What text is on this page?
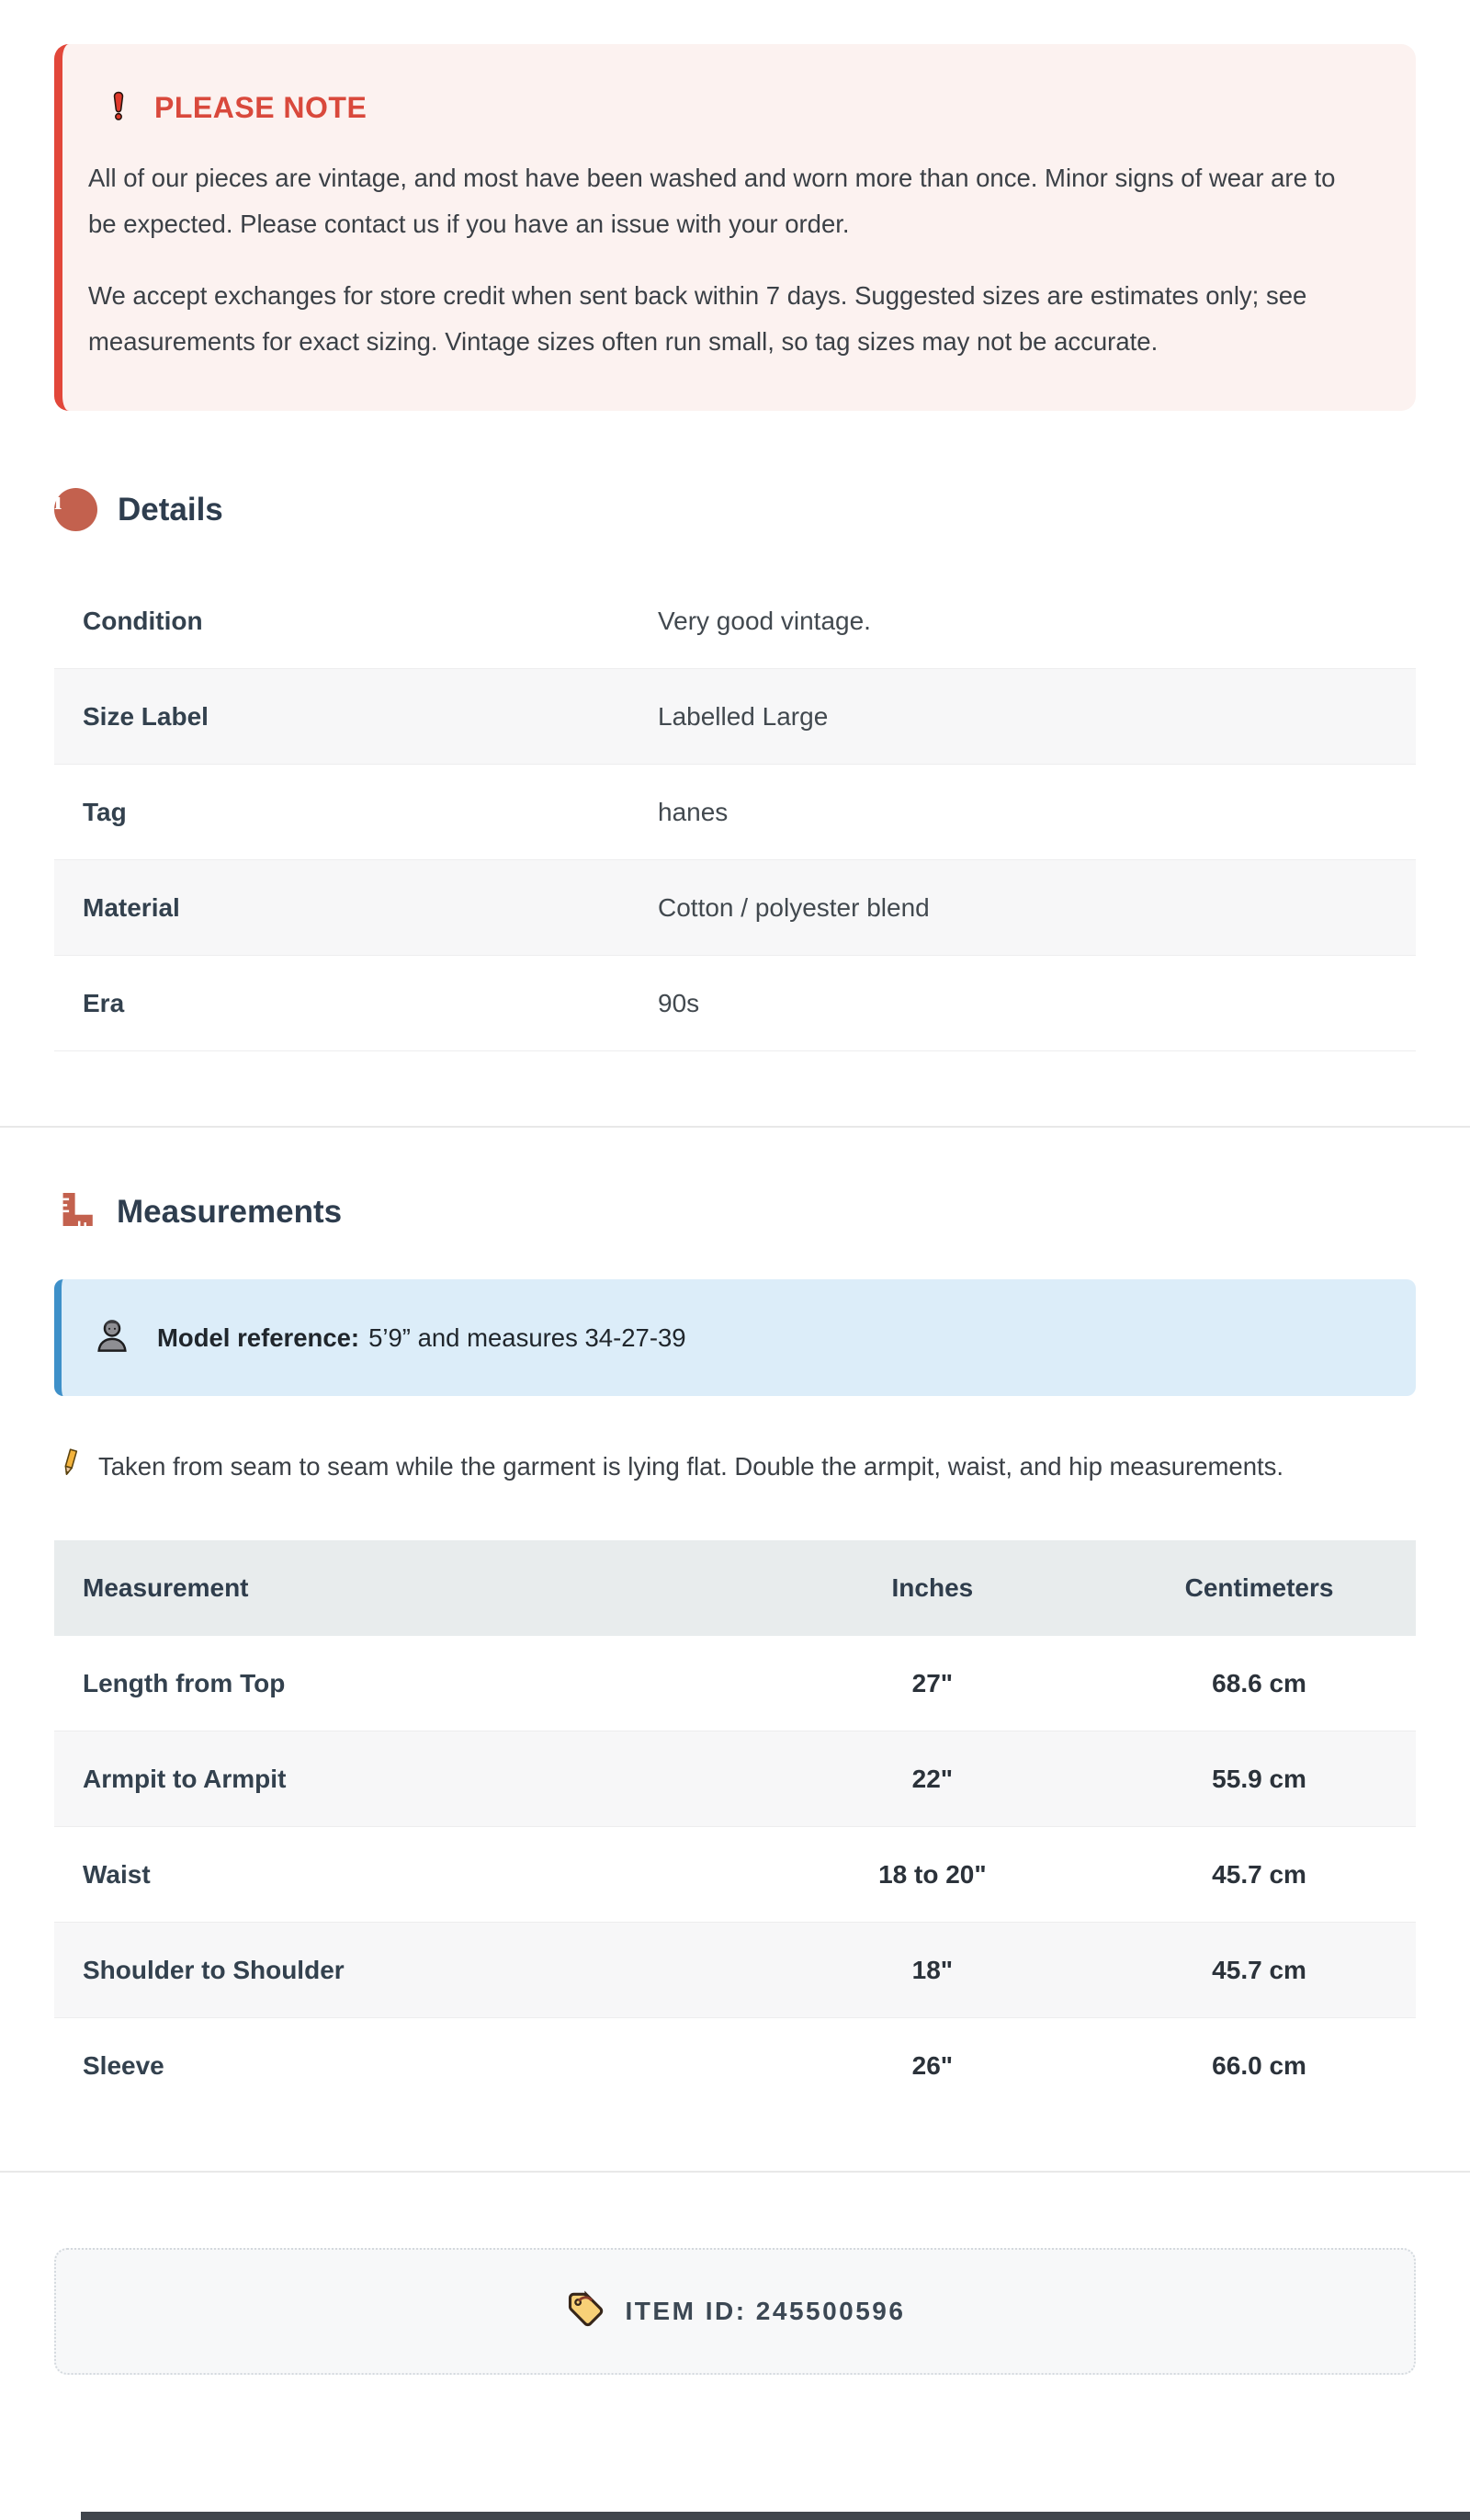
PLEASE NOTE

All of our pieces are vintage, and most have been washed and worn more than once. Minor signs of wear are to be expected. Please contact us if you have an issue with your order.

We accept exchanges for store credit when sent back within 7 days. Suggested sizes are estimates only; see measurements for exact sizing. Vintage sizes often run small, so tag sizes may not be accurate.

i
Details
Condition	Very good vintage.
Size Label	Labelled Large
Tag	hanes
Material	Cotton / polyester blend
Era	90s
Measurements
Model reference: 5’9” and measures 34-27-39
Taken from seam to seam while the garment is lying flat. Double the armpit, waist, and hip measurements.
Measurement	Inches	Centimeters
Length from Top	27"	68.6 cm
Armpit to Armpit	22"	55.9 cm
Waist	18 to 20"	45.7 cm
Shoulder to Shoulder	18"	45.7 cm
Sleeve	26"	66.0 cm
ITEM ID: 245500596
